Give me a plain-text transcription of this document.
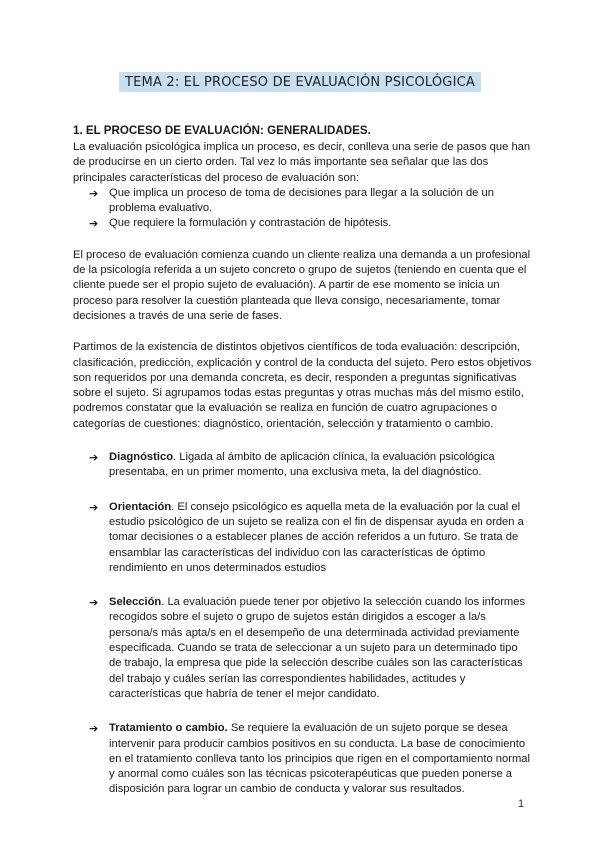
TEMA 2: EL PROCESO DE EVALUACIÓN PSICOLÓGICA
1. EL PROCESO DE EVALUACIÓN: GENERALIDADES.

La evaluación psicológica implica un proceso, es decir, conlleva una serie de pasos que han de producirse en un cierto orden. Tal vez lo más importante sea señalar que las dos principales características del proceso de evaluación son:

➔ Que implica un proceso de toma de decisiones para llegar a la solución de un problema evaluativo.
➔ Que requiere la formulación y contrastación de hipótesis.

El proceso de evaluación comienza cuando un cliente realiza una demanda a un profesional de la psicología referida a un sujeto concreto o grupo de sujetos (teniendo en cuenta que el cliente puede ser el propio sujeto de evaluación). A partir de ese momento se inicia un proceso para resolver la cuestión planteada que lleva consigo, necesariamente, tomar decisiones a través de una serie de fases.

Partimos de la existencia de distintos objetivos científicos de toda evaluación: descripción, clasificación, predicción, explicación y control de la conducta del sujeto. Pero estos objetivos son requeridos por una demanda concreta, es decir, responden a preguntas significativas sobre el sujeto. Si agrupamos todas estas preguntas y otras muchas más del mismo estilo, podremos constatar que la evaluación se realiza en función de cuatro agrupaciones o categorías de cuestiones: diagnóstico, orientación, selección y tratamiento o cambio.

➔ Diagnóstico. Ligada al ámbito de aplicación clínica, la evaluación psicológica presentaba, en un primer momento, una exclusiva meta, la del diagnóstico.
➔ Orientación. El consejo psicológico es aquella meta de la evaluación por la cual el estudio psicológico de un sujeto se realiza con el fin de dispensar ayuda en orden a tomar decisiones o a establecer planes de acción referidos a un futuro. Se trata de ensamblar las características del individuo con las características de óptimo rendimiento en unos determinados estudios
➔ Selección. La evaluación puede tener por objetivo la selección cuando los informes recogidos sobre el sujeto o grupo de sujetos están dirigidos a escoger a la/s persona/s más apta/s en el desempeño de una determinada actividad previamente especificada. Cuando se trata de seleccionar a un sujeto para un determinado tipo de trabajo, la empresa que pide la selección describe cuáles son las características del trabajo y cuáles serían las correspondientes habilidades, actitudes y características que habría de tener el mejor candidato.
➔ Tratamiento o cambio. Se requiere la evaluación de un sujeto porque se desea intervenir para producir cambios positivos en su conducta. La base de conocimiento en el tratamiento conlleva tanto los principios que rigen en el comportamiento normal y anormal como cuáles son las técnicas psicoterapéuticas que pueden ponerse a disposición para lograr un cambio de conducta y valorar sus resultados.
1
